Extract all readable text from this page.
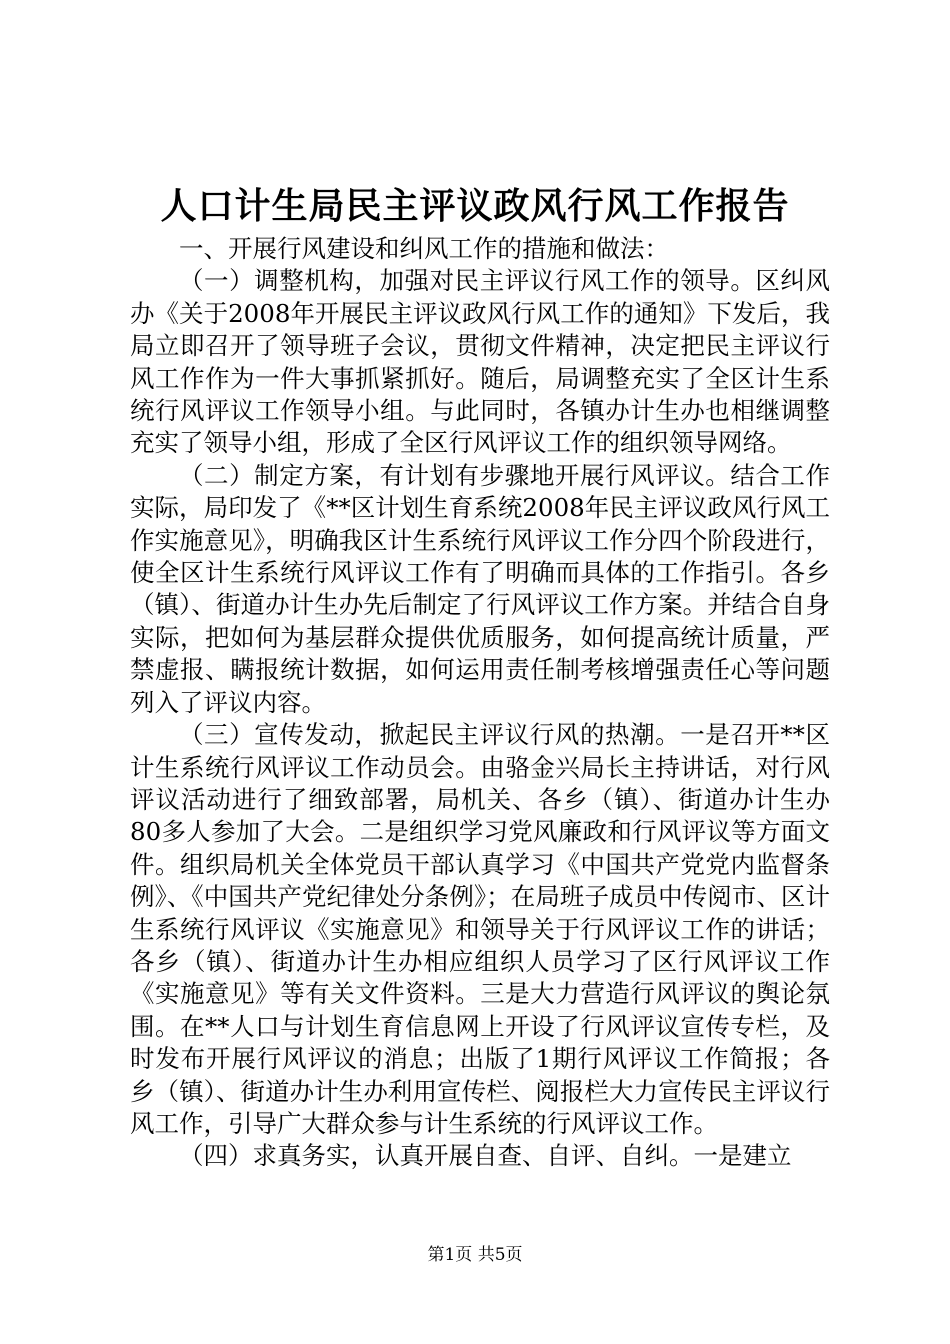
人口计生局民主评议政风行风工作报告

一、开展行风建设和纠风工作的措施和做法：

（一）调整机构，加强对民主评议行风工作的领导。区纠风办《关于2008年开展民主评议政风行风工作的通知》下发后，我局立即召开了领导班子会议，贯彻文件精神，决定把民主评议行风工作作为一件大事抓紧抓好。随后，局调整充实了全区计生系统行风评议工作领导小组。与此同时，各镇办计生办也相继调整充实了领导小组，形成了全区行风评议工作的组织领导网络。

（二）制定方案，有计划有步骤地开展行风评议。结合工作实际，局印发了《**区计划生育系统2008年民主评议政风行风工作实施意见》，明确我区计生系统行风评议工作分四个阶段进行，使全区计生系统行风评议工作有了明确而具体的工作指引。各乡（镇）、街道办计生办先后制定了行风评议工作方案。并结合自身实际，把如何为基层群众提供优质服务，如何提高统计质量，严禁虚报、瞒报统计数据，如何运用责任制考核增强责任心等问题列入了评议内容。

（三）宣传发动，掀起民主评议行风的热潮。一是召开**区计生系统行风评议工作动员会。由骆金兴局长主持讲话，对行风评议活动进行了细致部署，局机关、各乡（镇）、街道办计生办80多人参加了大会。二是组织学习党风廉政和行风评议等方面文件。组织局机关全体党员干部认真学习《中国共产党党内监督条例》、《中国共产党纪律处分条例》；在局班子成员中传阅市、区计生系统行风评议《实施意见》和领导关于行风评议工作的讲话；各乡（镇）、街道办计生办相应组织人员学习了区行风评议工作《实施意见》等有关文件资料。三是大力营造行风评议的舆论氛围。在**人口与计划生育信息网上开设了行风评议宣传专栏，及时发布开展行风评议的消息；出版了1期行风评议工作简报；各乡（镇）、街道办计生办利用宣传栏、阅报栏大力宣传民主评议行风工作，引导广大群众参与计生系统的行风评议工作。

（四）求真务实，认真开展自查、自评、自纠。一是建立

第1页 共5页
